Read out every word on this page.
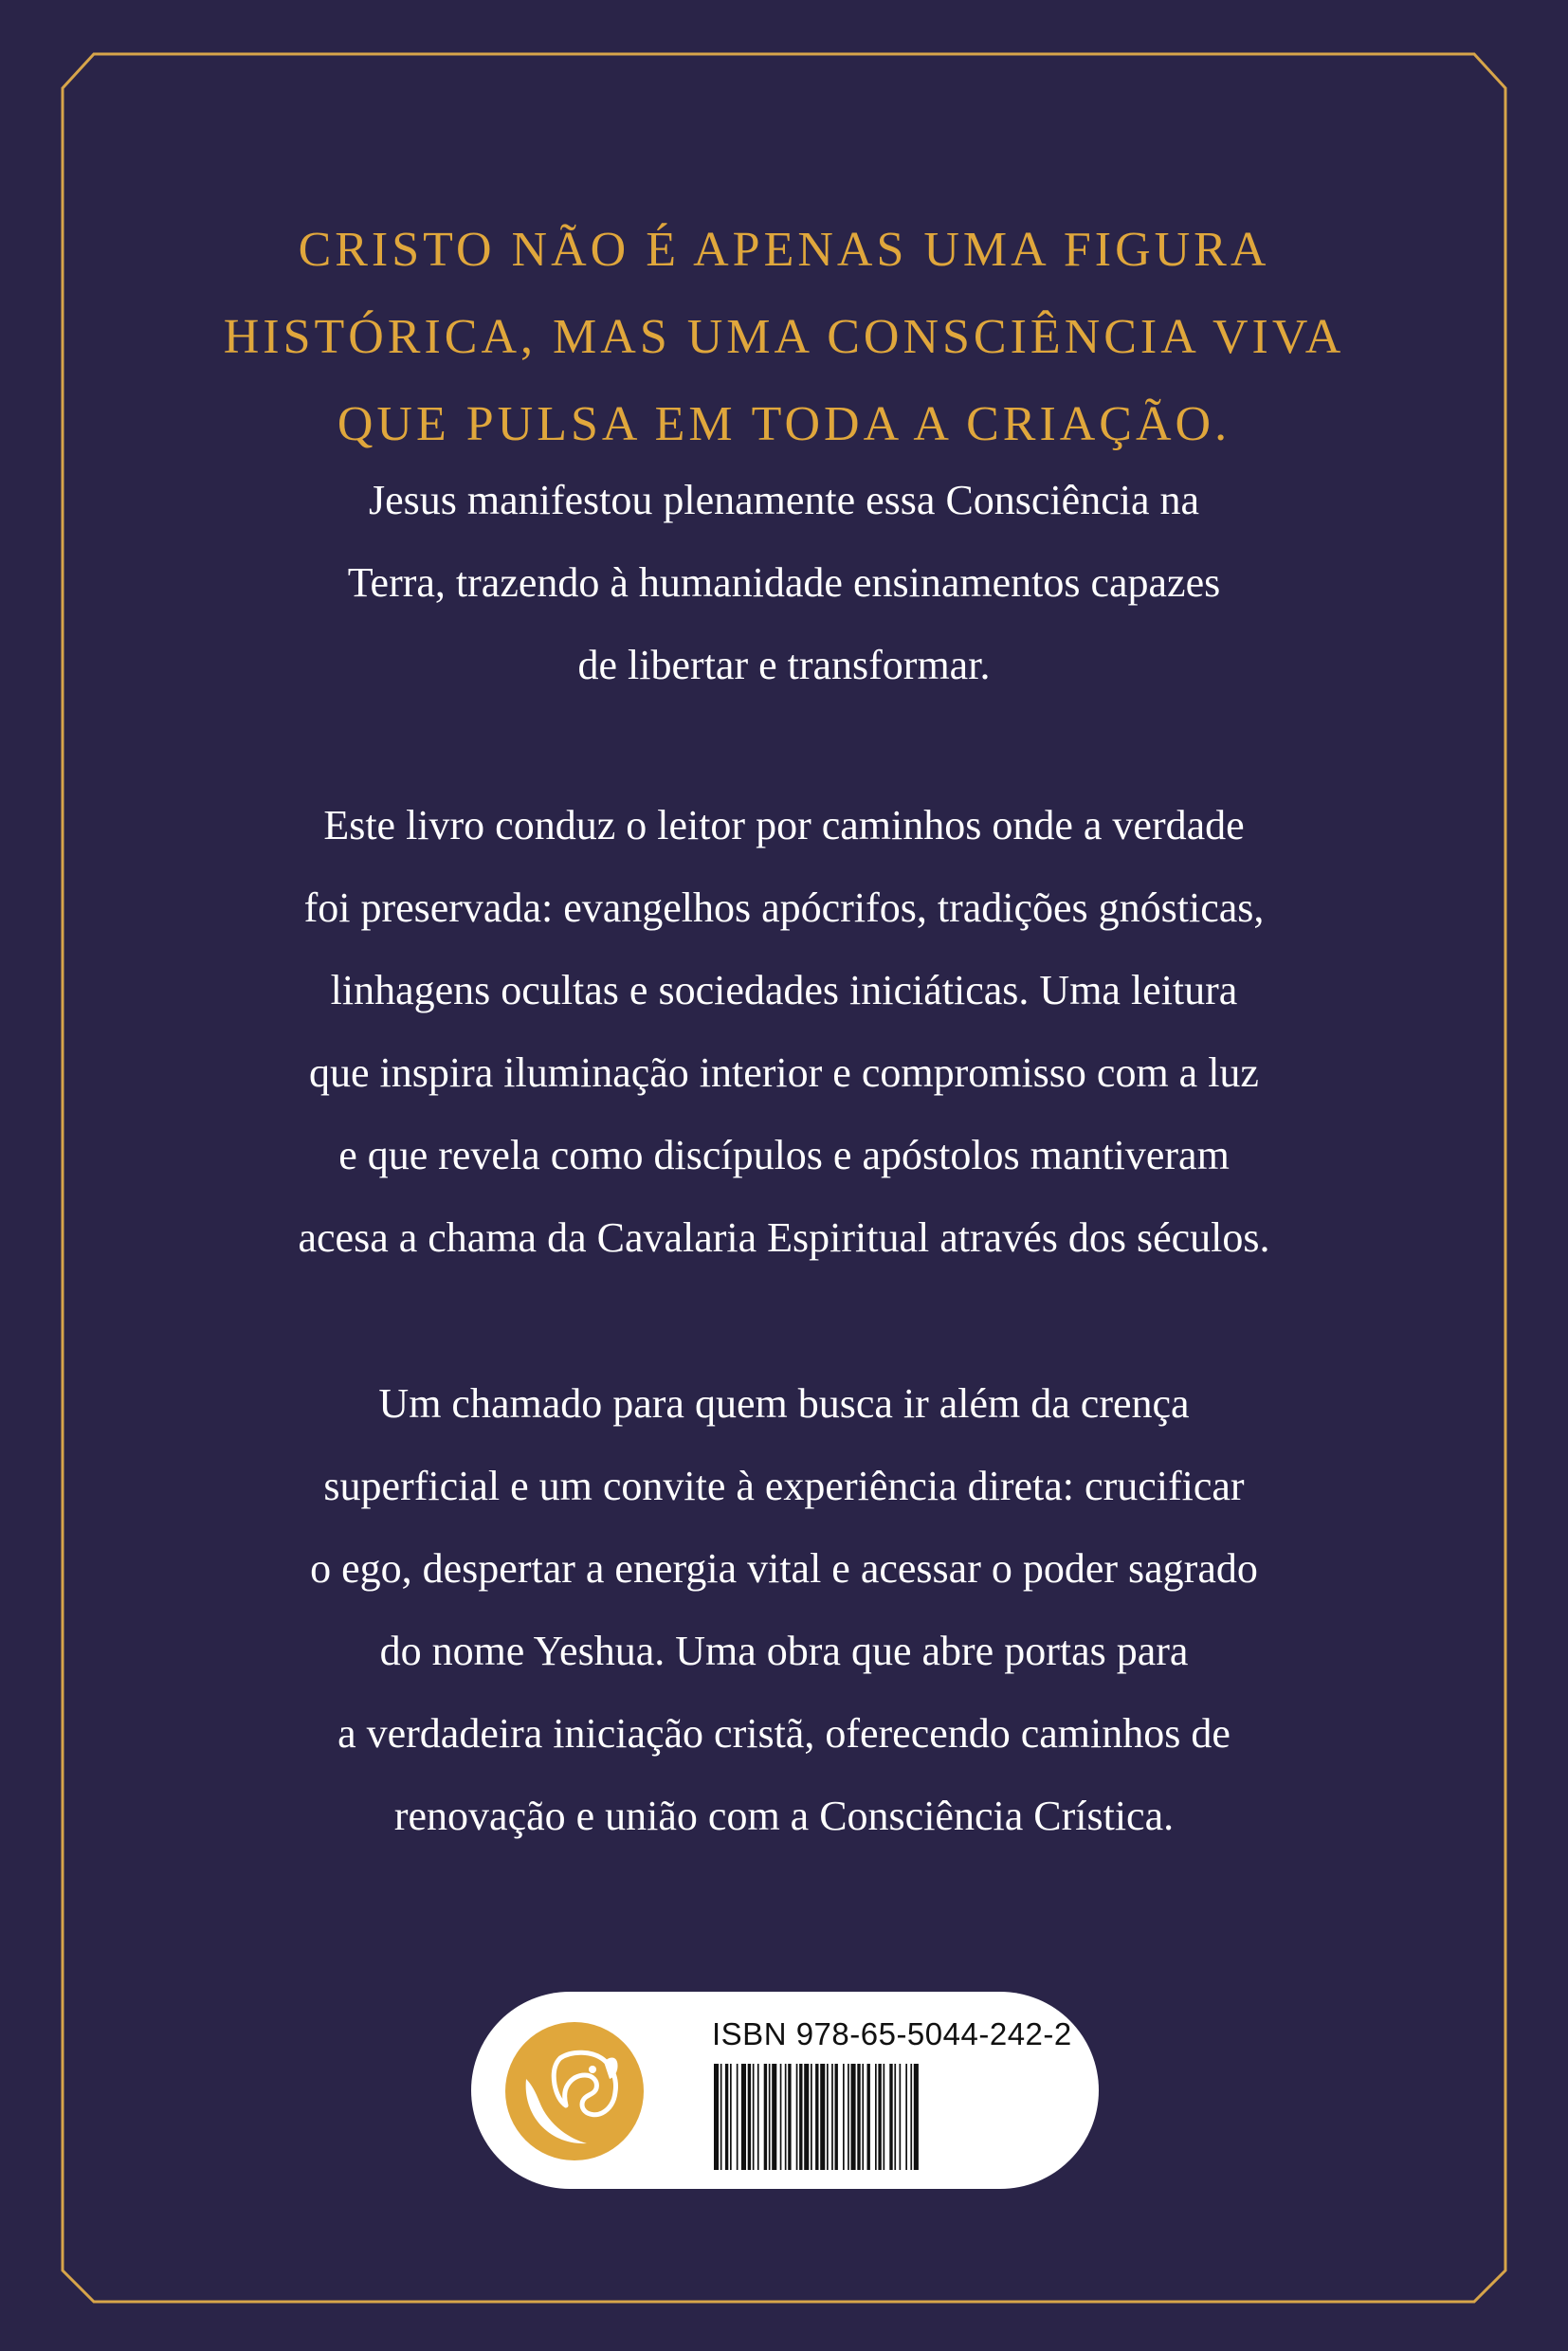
CRISTO NÃO É APENAS UMA FIGURA
HISTÓRICA, MAS UMA CONSCIÊNCIA VIVA
QUE PULSA EM TODA A CRIAÇÃO.
Jesus manifestou plenamente essa Consciência na
Terra, trazendo à humanidade ensinamentos capazes
de libertar e transformar.
Este livro conduz o leitor por caminhos onde a verdade
foi preservada: evangelhos apócrifos, tradições gnósticas,
linhagens ocultas e sociedades iniciáticas. Uma leitura
que inspira iluminação interior e compromisso com a luz
e que revela como discípulos e apóstolos mantiveram
acesa a chama da Cavalaria Espiritual através dos séculos.
Um chamado para quem busca ir além da crença
superficial e um convite à experiência direta: crucificar
o ego, despertar a energia vital e acessar o poder sagrado
do nome Yeshua. Uma obra que abre portas para
a verdadeira iniciação cristã, oferecendo caminhos de
renovação e união com a Consciência Crística.
ISBN 978-65-5044-242-2
